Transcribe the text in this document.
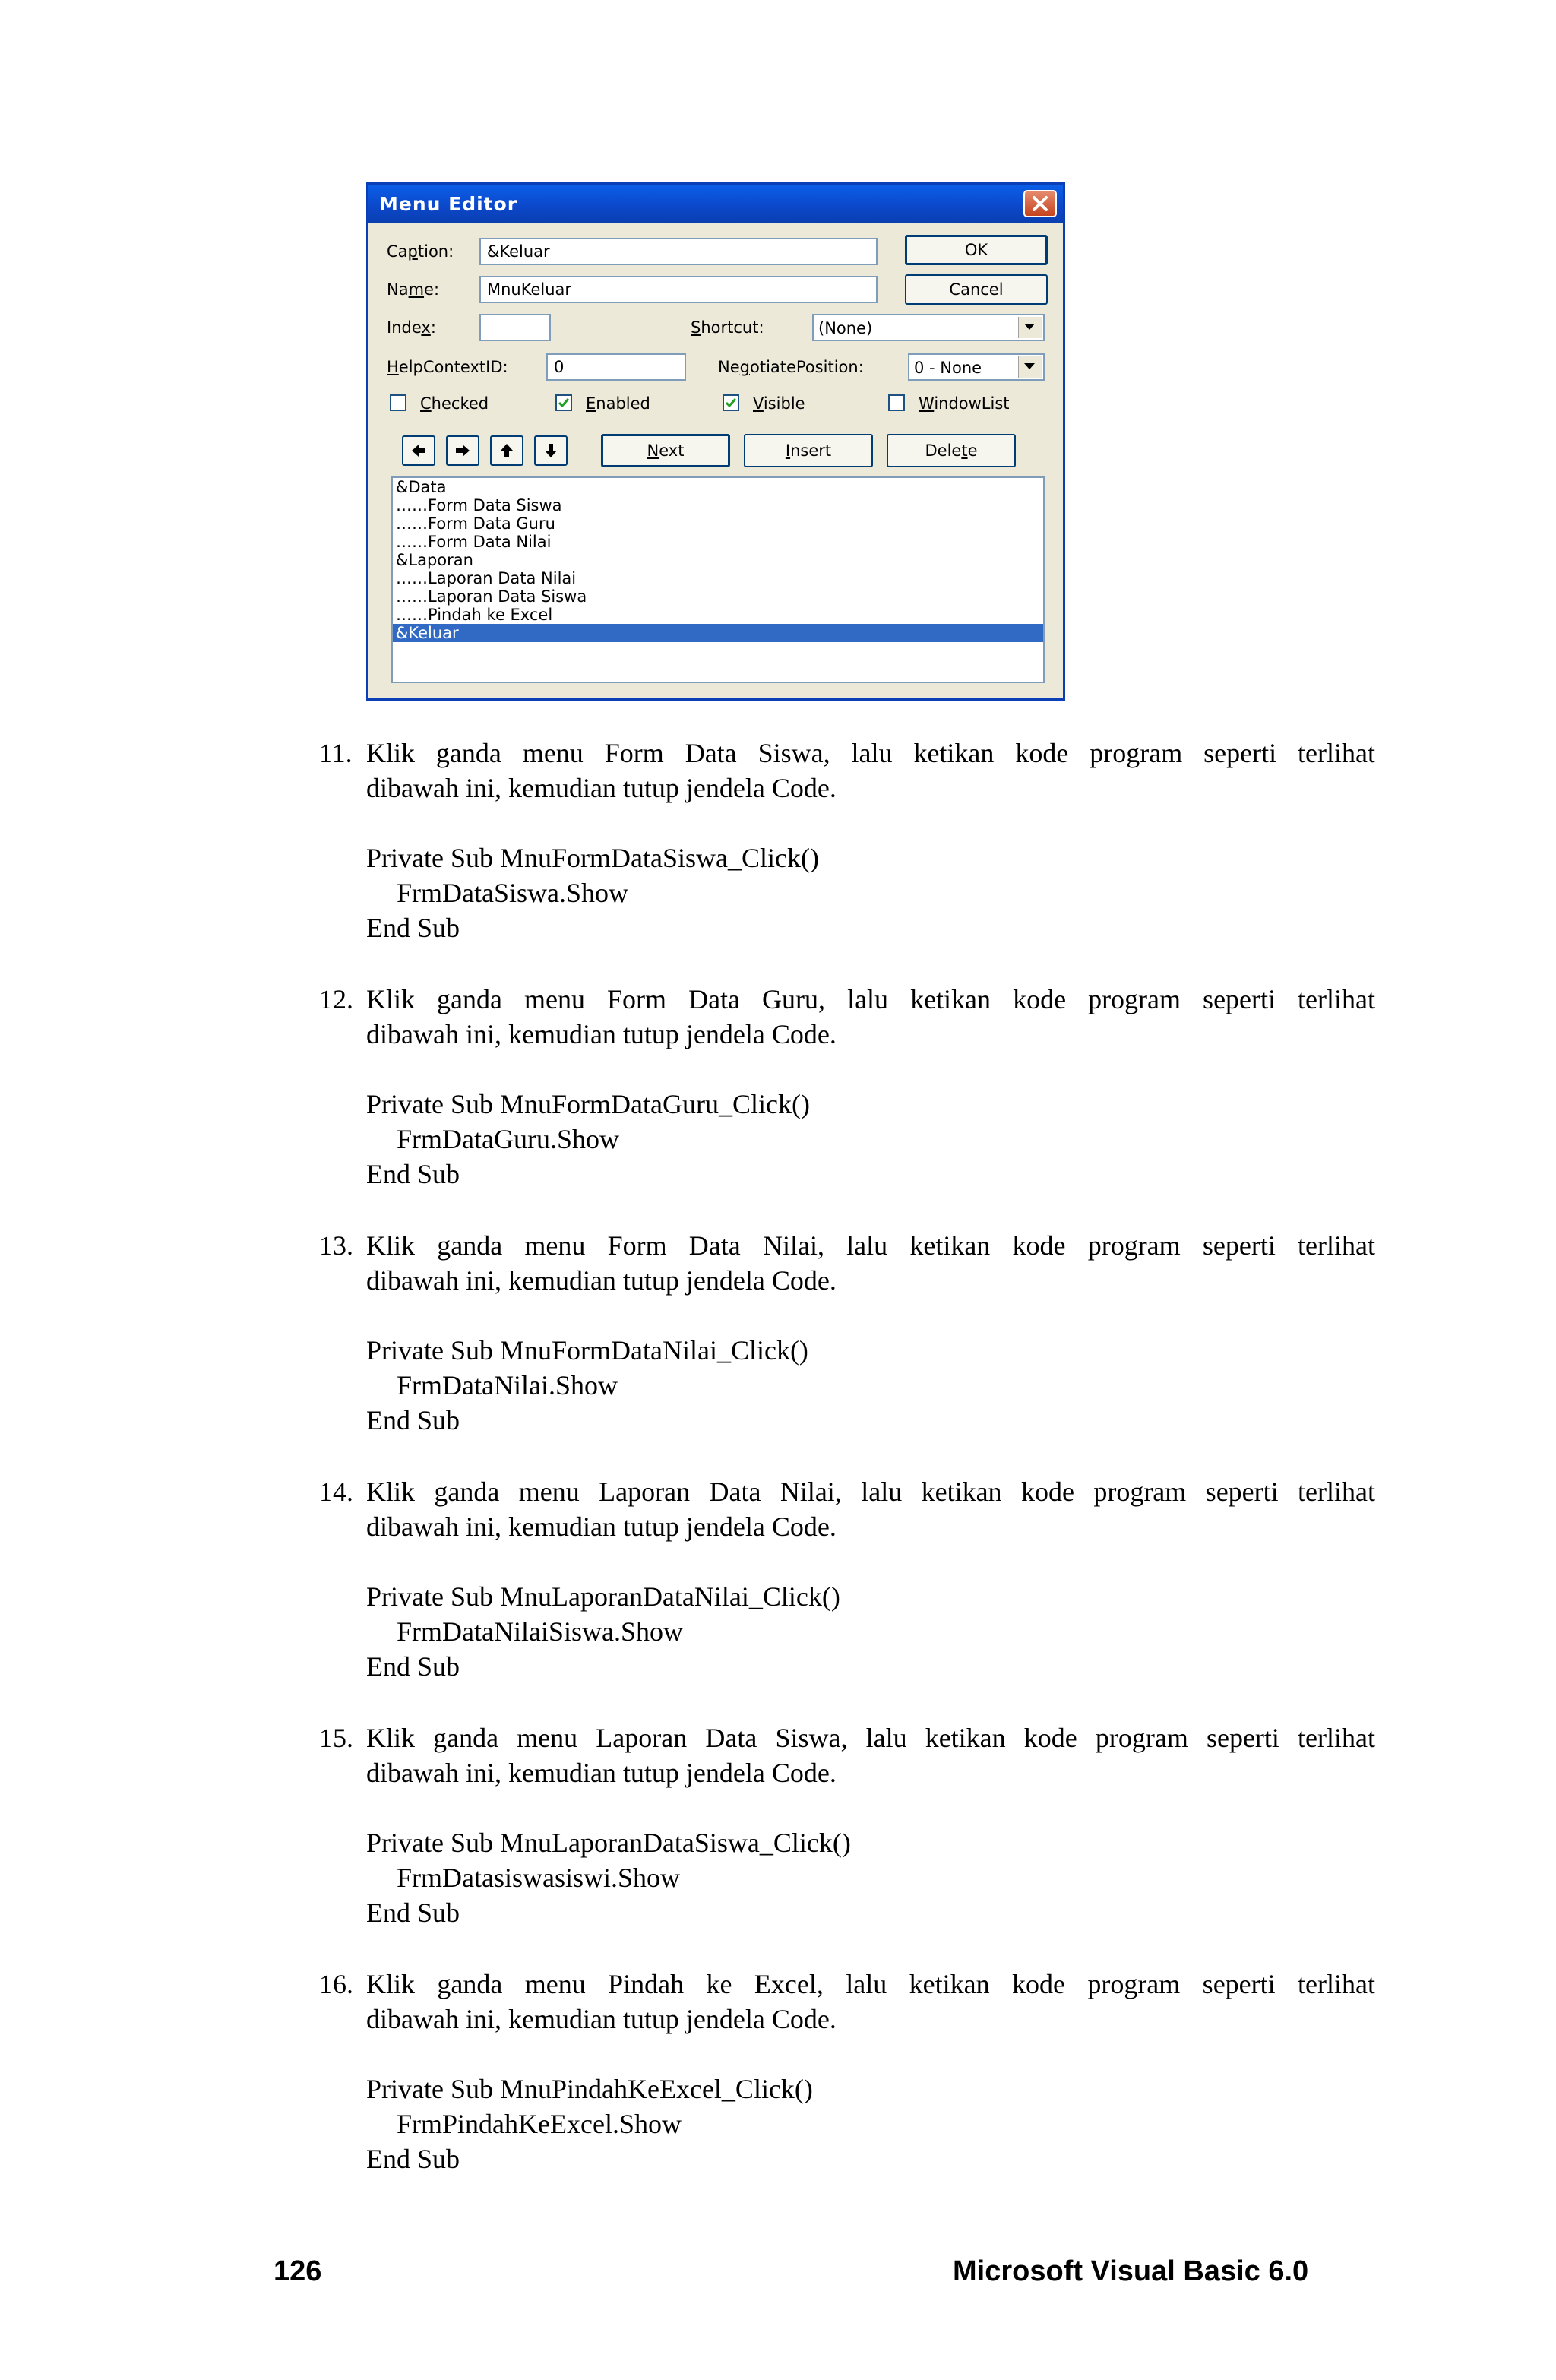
Menu Editor
Caption:	&Keluar
Name:	MnuKeluar
OK
Cancel
Index:	Shortcut:	(None)
HelpContextID:	0	NegotiatePosition:	0 - None
Checked	Enabled	Visible	WindowList
Next	Insert	Delete
&Data
……Form Data Siswa
……Form Data Guru
……Form Data Nilai
&Laporan
……Laporan Data Nilai
……Laporan Data Siswa
……Pindah ke Excel
&Keluar
11. Klik ganda menu Form Data Siswa, lalu ketikan kode program seperti terlihat
dibawah ini, kemudian tutup jendela Code.
Private Sub MnuFormDataSiswa_Click()
FrmDataSiswa.Show
End Sub
12. Klik ganda menu Form Data Guru, lalu ketikan kode program seperti terlihat
dibawah ini, kemudian tutup jendela Code.
Private Sub MnuFormDataGuru_Click()
FrmDataGuru.Show
End Sub
13. Klik ganda menu Form Data Nilai, lalu ketikan kode program seperti terlihat
dibawah ini, kemudian tutup jendela Code.
Private Sub MnuFormDataNilai_Click()
FrmDataNilai.Show
End Sub
14. Klik ganda menu Laporan Data Nilai, lalu ketikan kode program seperti terlihat
dibawah ini, kemudian tutup jendela Code.
Private Sub MnuLaporanDataNilai_Click()
FrmDataNilaiSiswa.Show
End Sub
15. Klik ganda menu Laporan Data Siswa, lalu ketikan kode program seperti terlihat
dibawah ini, kemudian tutup jendela Code.
Private Sub MnuLaporanDataSiswa_Click()
FrmDatasiswasiswi.Show
End Sub
16. Klik ganda menu Pindah ke Excel, lalu ketikan kode program seperti terlihat
dibawah ini, kemudian tutup jendela Code.
Private Sub MnuPindahKeExcel_Click()
FrmPindahKeExcel.Show
End Sub
126	Microsoft Visual Basic 6.0
